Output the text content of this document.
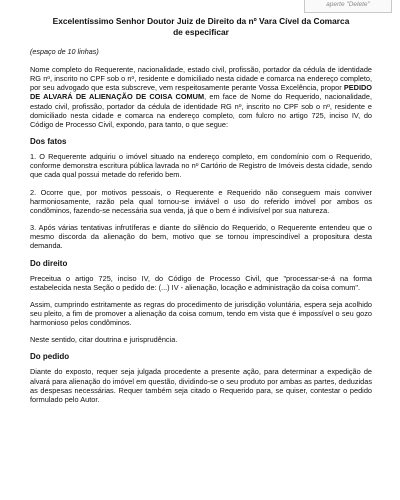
aperte "Delete"
Excelentíssimo Senhor Doutor Juiz de Direito da nº Vara Cível da Comarca
de especificar
(espaço de 10 linhas)

Nome completo do Requerente, nacionalidade, estado civil, profissão, portador da cédula de identidade RG nº, inscrito no CPF sob o nº, residente e domiciliado nesta cidade e comarca na endereço completo, por seu advogado que esta subscreve, vem respeitosamente perante Vossa Excelência, propor PEDIDO DE ALVARÁ DE ALIENAÇÃO DE COISA COMUM, em face de Nome do Requerido, nacionalidade, estado civil, profissão, portador da cédula de identidade RG nº, inscrito no CPF sob o nº, residente e domiciliado nesta cidade e comarca na endereço completo, com fulcro no artigo 725, inciso IV, do Código de Processo Civil, expondo, para tanto, o que segue:

Dos fatos

1. O Requerente adquiriu o imóvel situado na endereço completo, em condomínio com o Requerido, conforme demonstra escritura pública lavrada no nº Cartório de Registro de Imóveis desta cidade, sendo que cada qual possui metade do referido bem.

2. Ocorre que, por motivos pessoais, o Requerente e Requerido não conseguem mais conviver harmoniosamente, razão pela qual tornou-se inviável o uso do referido imóvel por ambos os condôminos, fazendo-se necessária sua venda, já que o bem é indivisível por sua natureza.

3. Após várias tentativas infrutíferas e diante do silêncio do Requerido, o Requerente entendeu que o mesmo discorda da alienação do bem, motivo que se tornou imprescindível a propositura desta demanda.

Do direito

Preceitua o artigo 725, inciso IV, do Código de Processo Civil, que "processar-se-á na forma estabelecida nesta Seção o pedido de: (...) IV - alienação, locação e administração da coisa comum".

Assim, cumprindo estritamente as regras do procedimento de jurisdição voluntária, espera seja acolhido seu pleito, a fim de promover a alienação da coisa comum, tendo em vista que é impossível o seu gozo harmonioso pelos condôminos.

Neste sentido, citar doutrina e jurisprudência.

Do pedido

Diante do exposto, requer seja julgada procedente a presente ação, para determinar a expedição de alvará para alienação do imóvel em questão, dividindo-se o seu produto por ambas as partes, deduzidas as despesas necessárias. Requer também seja citado o Requerido para, se quiser, contestar o pedido formulado pelo Autor.
